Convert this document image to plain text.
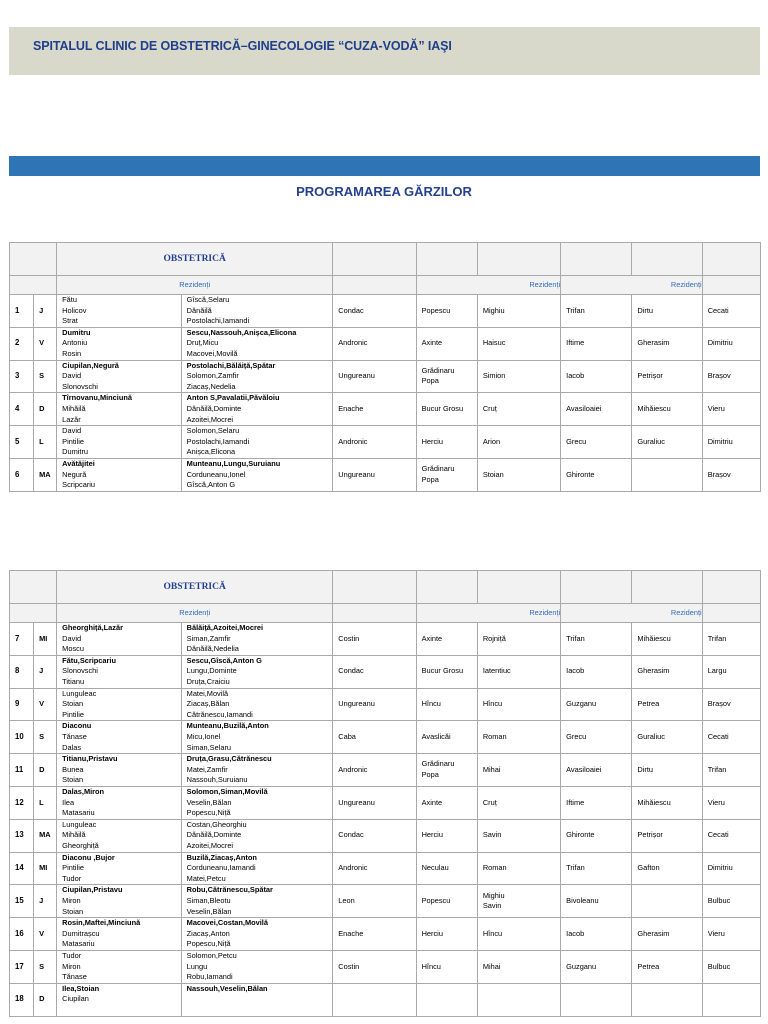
SPITALUL CLINIC DE OBSTETRICĂ–GINECOLOGIE “CUZA-VODĂ” IAŞI
PROGRAMAREA GĂRZILOR
		OBSTETRICĂ							
		Rezidenți			Rezidenți		Rezidenți		
1	J	Fătu
Holicov
Strat	Gîscă,Selaru
Dănăilă
Postolachi,Iamandi	Condac	Popescu	Mighiu	Trifan	Dirtu	Cecati
2	V	Dumitru
Antoniu
Rosin	Sescu,Nassouh,Anișca,Elicona
Druț,Micu
Macovei,Movilă	Andronic	Axinte	Haisuc	Iftime	Gherasim	Dimitriu
3	S	Ciupilan,Negură
David
Slonovschi	Postolachi,Bălăiță,Spătar
Solomon,Zamfir
Ziacaș,Nedelia	Ungureanu	Grădinaru
Popa	Simion	Iacob	Petrișor	Brașov
4	D	Tîrnovanu,Minciună
Mihăilă
Lazăr	Anton S,Pavalatii,Păvăloiu
Dănăilă,Dominte
Azoitei,Mocrei	Enache	Bucur Grosu	Cruț	Avasiloaiei	Mihăiescu	Vieru
5	L	David
Pintilie
Dumitru	Solomon,Selaru
Postolachi,Iamandi
Anișca,Elicona	Andronic	Herciu	Arion	Grecu	Guraliuc	Dimitriu
6	MA	Avătăjitei
Negură
Scripcariu	Munteanu,Lungu,Suruianu
Corduneanu,Ionel
Gîscă,Anton G	Ungureanu	Grădinaru
Popa	Stoian	Ghironte		Brașov
		OBSTETRICĂ							
		Rezidenți			Rezidenți		Rezidenți		
7	MI	Gheorghiță,Lazăr
David
Moscu	Bălăiță,Azoitei,Mocrei
Siman,Zamfir
Dănăilă,Nedelia	Costin	Axinte	Rojniță	Trifan	Mihăiescu	Trifan
8	J	Fătu,Scripcariu
Slonovschi
Titianu	Sescu,Gîscă,Anton G
Lungu,Dominte
Druța,Craiciu	Condac	Bucur Grosu	Iatentiuc	Iacob	Gherasim	Largu
9	V	Lunguleac
Stoian
Pintilie	Matei,Movilă
Ziacaș,Bălan
Cătrănescu,Iamandi	Ungureanu	Hîncu	Hîncu	Guzganu	Petrea	Brașov
10	S	Diaconu
Tănase
Dalas	Munteanu,Buzilă,Anton
Micu,Ionel
Siman,Selaru	Caba	Avaslicăi	Roman	Grecu	Guraliuc	Cecati
11	D	Titianu,Pristavu
Bunea
Stoian	Druța,Grasu,Cătrănescu
Matei,Zamfir
Nassouh,Suruianu	Andronic	Grădinaru
Popa	Mihai	Avasiloaiei	Dirtu	Trifan
12	L	Dalas,Miron
Ilea
Matasariu	Solomon,Siman,Movilă
Veselin,Bălan
Popescu,Niță	Ungureanu	Axinte	Cruț	Iftime	Mihăiescu	Vieru
13	MA	Lunguleac
Mihăilă
Gheorghiță	Costan,Gheorghiu
Dănăilă,Dominte
Azoitei,Mocrei	Condac	Herciu	Savin	Ghironte	Petrișor	Cecati
14	MI	Diaconu ,Bujor
Pintilie
Tudor	Buzilă,Ziacaș,Anton
Corduneanu,Iamandi
Matei,Petcu	Andronic	Neculau	Roman	Trifan	Gafton	Dimitriu
15	J	Ciupilan,Pristavu
Miron
Stoian	Robu,Cătrănescu,Spătar
Siman,Bleotu
Veselin,Bălan	Leon	Popescu	Mighiu
Savin	Bivoleanu		Bulbuc
16	V	Rosin,Maftei,Minciună
Dumitrașcu
Matasariu	Macovei,Costan,Movilă
Ziacaș,Anton
Popescu,Niță	Enache	Herciu	Hîncu	Iacob	Gherasim	Vieru
17	S	Tudor
Miron
Tănase	Solomon,Petcu
Lungu
Robu,Iamandi	Costin	Hîncu	Mihai	Guzganu	Petrea	Bulbuc
18	D	Ilea,Stoian
Ciupilan	Nassouh,Veselin,Bălan						
